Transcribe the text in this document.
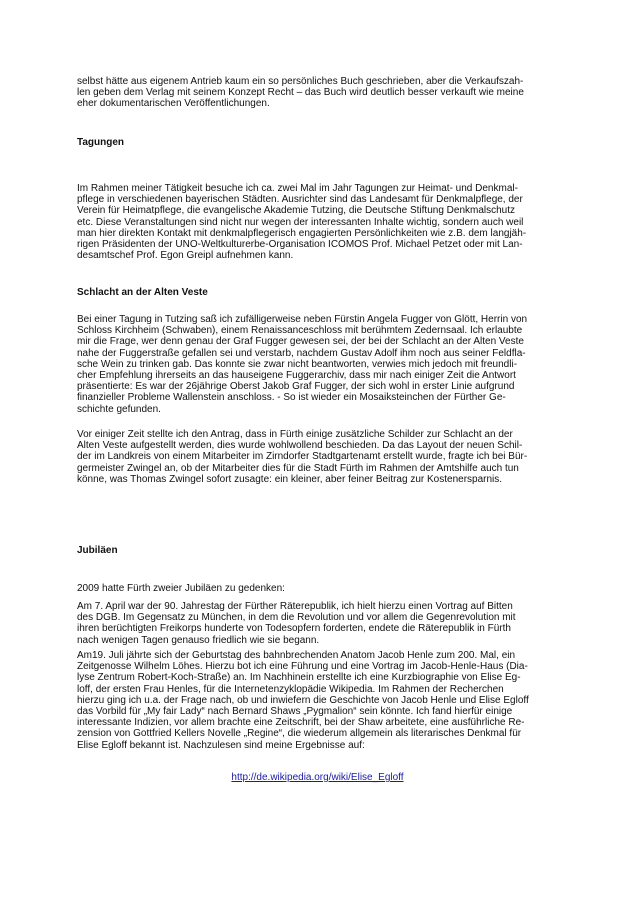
selbst hätte aus eigenem Antrieb kaum ein so persönliches Buch geschrieben, aber die Verkaufszah-
len geben dem Verlag mit seinem Konzept Recht – das Buch wird deutlich besser verkauft wie meine
eher dokumentarischen Veröffentlichungen.
Tagungen
Im Rahmen meiner Tätigkeit besuche ich ca. zwei Mal im Jahr Tagungen zur Heimat- und Denkmal-
pflege in verschiedenen bayerischen Städten. Ausrichter sind das Landesamt für Denkmalpflege, der
Verein für Heimatpflege, die evangelische Akademie Tutzing, die Deutsche Stiftung Denkmalschutz
etc. Diese Veranstaltungen sind nicht nur wegen der interessanten Inhalte wichtig, sondern auch weil
man hier direkten Kontakt mit denkmalpflegerisch engagierten Persönlichkeiten wie z.B. dem langjäh-
rigen Präsidenten der UNO-Weltkulturerbe-Organisation ICOMOS Prof. Michael Petzet oder mit Lan-
desamtschef Prof. Egon Greipl aufnehmen kann.
Schlacht an der Alten Veste
Bei einer Tagung in Tutzing saß ich zufälligerweise neben Fürstin Angela Fugger von Glött, Herrin von
Schloss Kirchheim (Schwaben), einem Renaissanceschloss mit berühmtem Zedernsaal. Ich erlaubte
mir die Frage, wer denn genau der Graf Fugger gewesen sei, der bei der Schlacht an der Alten Veste
nahe der Fuggerstraße gefallen sei und verstarb, nachdem Gustav Adolf ihm noch aus seiner Feldfla-
sche Wein zu trinken gab. Das konnte sie zwar nicht beantworten, verwies mich jedoch mit freundli-
cher Empfehlung ihrerseits an das hauseigene Fuggerarchiv, dass mir nach einiger Zeit die Antwort
präsentierte: Es war der 26jährige Oberst Jakob Graf Fugger, der sich wohl in erster Linie aufgrund
finanzieller Probleme Wallenstein anschloss. - So ist wieder ein Mosaiksteinchen der Fürther Ge-
schichte gefunden.
Vor einiger Zeit stellte ich den Antrag, dass in Fürth einige zusätzliche Schilder zur Schlacht an der
Alten Veste aufgestellt werden, dies wurde wohlwollend beschieden. Da das Layout der neuen Schil-
der im Landkreis von einem Mitarbeiter im Zirndorfer Stadtgartenamt erstellt wurde, fragte ich bei Bür-
germeister Zwingel an, ob der Mitarbeiter dies für die Stadt Fürth im Rahmen der Amtshilfe auch tun
könne, was Thomas Zwingel sofort zusagte: ein kleiner, aber feiner Beitrag zur Kostenersparnis.
Jubiläen
2009 hatte Fürth zweier Jubiläen zu gedenken:
Am 7. April war der 90. Jahrestag der Fürther Räterepublik, ich hielt hierzu einen Vortrag auf Bitten
des DGB. Im Gegensatz zu München, in dem die Revolution und vor allem die Gegenrevolution mit
ihren berüchtigten Freikorps hunderte von Todesopfern forderten, endete die Räterepublik in Fürth
nach wenigen Tagen genauso friedlich wie sie begann.
Am19. Juli jährte sich der Geburtstag des bahnbrechenden Anatom Jacob Henle zum 200. Mal, ein
Zeitgenosse Wilhelm Löhes. Hierzu bot ich eine Führung und eine Vortrag im Jacob-Henle-Haus (Dia-
lyse Zentrum Robert-Koch-Straße) an. Im Nachhinein erstellte ich eine Kurzbiographie von Elise Eg-
loff, der ersten Frau Henles, für die Internetenzyklopädie Wikipedia. Im Rahmen der Recherchen
hierzu ging ich u.a. der Frage nach, ob und inwiefern die Geschichte von Jacob Henle und Elise Egloff
das Vorbild für „My fair Lady“ nach Bernard Shaws „Pygmalion“ sein könnte. Ich fand hierfür einige
interessante Indizien, vor allem brachte eine Zeitschrift, bei der Shaw arbeitete, eine ausführliche Re-
zension von Gottfried Kellers Novelle „Regine“, die wiederum allgemein als literarisches Denkmal für
Elise Egloff bekannt ist. Nachzulesen sind meine Ergebnisse auf:
http://de.wikipedia.org/wiki/Elise_Egloff
